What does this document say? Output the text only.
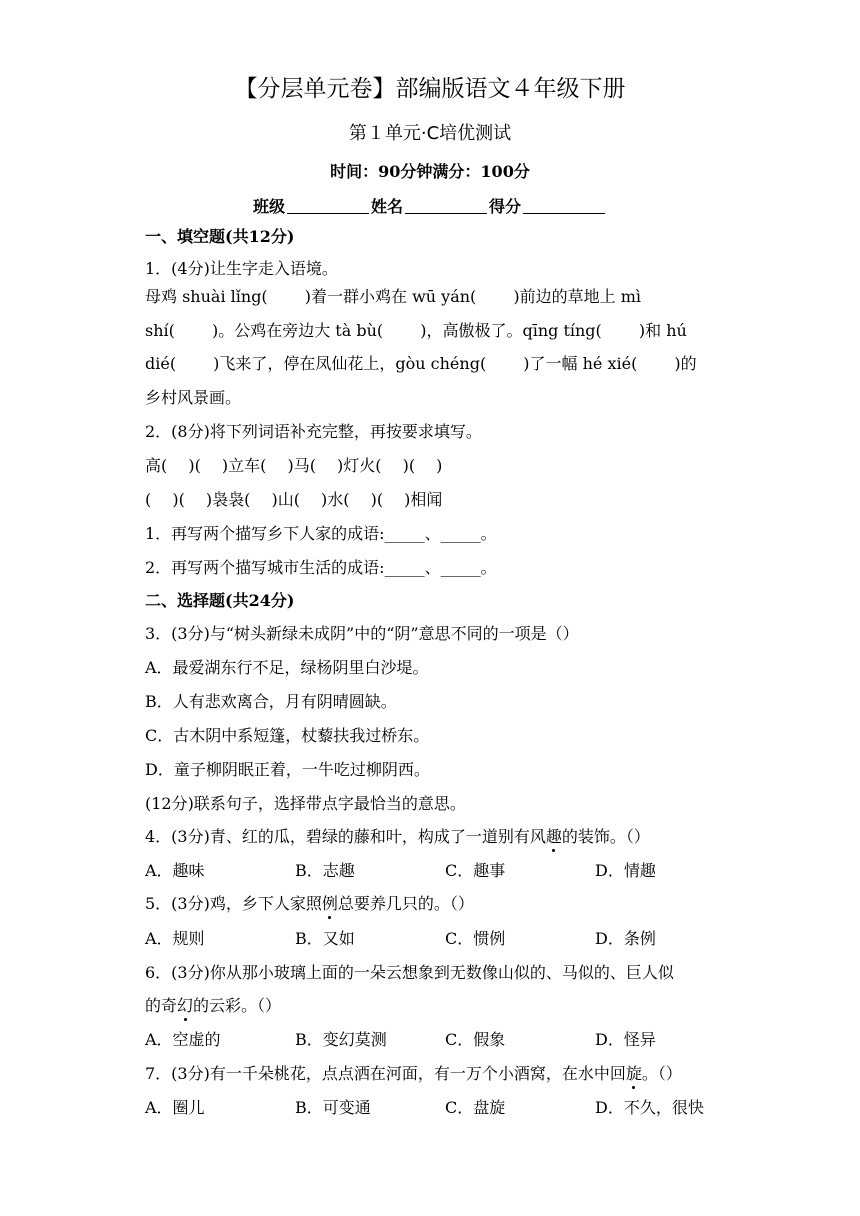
【分层单元卷】部编版语文４年级下册
第１单元·C培优测试
时间：90分钟满分：100分
班级	姓名	得分
一、填空题(共12分)
1．(4分)让生字走入语境。
母鸡 shuài lǐng(　　 )着一群小鸡在 wū yán(　　 )前边的草地上 mì
shí(　　 )。公鸡在旁边大 tà bù(　　 )，高傲极了。qīng tíng(　　 )和 hú
dié(　　 )飞来了，停在凤仙花上，gòu chéng(　　 )了一幅 hé xié(　　 )的
乡村风景画。
2．(8分)将下列词语补充完整，再按要求填写。
高(　 )(　 )立车(　 )马(　 )灯火(　 )(　 )
(　 )(　 )袅袅(　 )山(　 )水(　 )(　 )相闻
1．再写两个描写乡下人家的成语:_____、_____。
2．再写两个描写城市生活的成语:_____、_____。
二、选择题(共24分)
3．(3分)与“树头新绿未成阴”中的“阴”意思不同的一项是（）
A．最爱湖东行不足，绿杨阴里白沙堤。
B．人有悲欢离合，月有阴晴圆缺。
C．古木阴中系短篷，杖藜扶我过桥东。
D．童子柳阴眠正着，一牛吃过柳阴西。
(12分)联系句子，选择带点字最恰当的意思。
4．(3分)青、红的瓜，碧绿的藤和叶，构成了一道别有风趣的装饰。（）
A．趣味	B．志趣	C．趣事	D．情趣
5．(3分)鸡，乡下人家照例总要养几只的。（）
A．规则	B．又如	C．惯例	D．条例
6．(3分)你从那小玻璃上面的一朵云想象到无数像山似的、马似的、巨人似
的奇幻的云彩。（）
A．空虚的	B．变幻莫测	C．假象	D．怪异
7．(3分)有一千朵桃花，点点洒在河面，有一万个小酒窝，在水中回旋。（）
A．圈儿	B．可变通	C．盘旋	D．不久，很快
